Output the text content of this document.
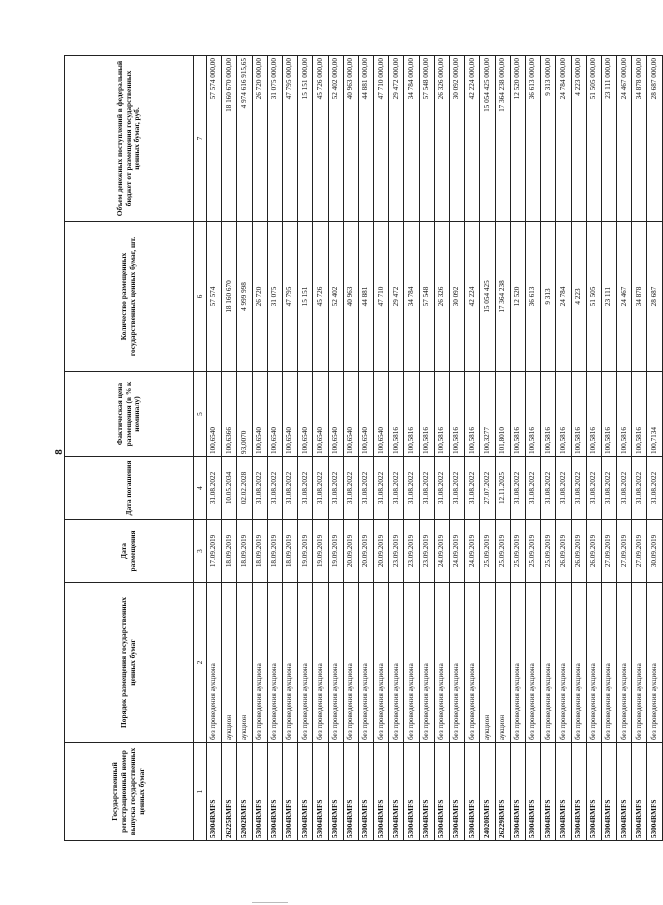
8
Государственный регистрационный номер выпуска государственных ценных бумаг	Порядок размещения государственных ценных бумаг	Дата размещения	Дата погашения	Фактическая цена размещения (в % к номиналу)	Количество размещенных государственных ценных бумаг, шт.	Объем денежных поступлений в федеральный бюджет от размещения государственных ценных бумаг, руб.
1	2	3	4	5	6	7
53004RMFS	без проведения аукциона	17.09.2019	31.08.2022	100,6540	57 574	57 574 000,00
26225RMFS	аукцион	18.09.2019	10.05.2034	100,6366	18 160 670	18 160 670 000,00
52002RMFS	аукцион	18.09.2019	02.02.2028	93,0070	4 999 998	4 974 616 915,65
53004RMFS	без проведения аукциона	18.09.2019	31.08.2022	100,6540	26 720	26 720 000,00
53004RMFS	без проведения аукциона	18.09.2019	31.08.2022	100,6540	31 075	31 075 000,00
53004RMFS	без проведения аукциона	18.09.2019	31.08.2022	100,6540	47 795	47 795 000,00
53004RMFS	без проведения аукциона	19.09.2019	31.08.2022	100,6540	15 151	15 151 000,00
53004RMFS	без проведения аукциона	19.09.2019	31.08.2022	100,6540	45 726	45 726 000,00
53004RMFS	без проведения аукциона	19.09.2019	31.08.2022	100,6540	52 402	52 402 000,00
53004RMFS	без проведения аукциона	20.09.2019	31.08.2022	100,6540	40 963	40 963 000,00
53004RMFS	без проведения аукциона	20.09.2019	31.08.2022	100,6540	44 881	44 881 000,00
53004RMFS	без проведения аукциона	20.09.2019	31.08.2022	100,6540	47 710	47 710 000,00
53004RMFS	без проведения аукциона	23.09.2019	31.08.2022	100,5816	29 472	29 472 000,00
53004RMFS	без проведения аукциона	23.09.2019	31.08.2022	100,5816	34 784	34 784 000,00
53004RMFS	без проведения аукциона	23.09.2019	31.08.2022	100,5816	57 548	57 548 000,00
53004RMFS	без проведения аукциона	24.09.2019	31.08.2022	100,5816	26 326	26 326 000,00
53004RMFS	без проведения аукциона	24.09.2019	31.08.2022	100,5816	30 092	30 092 000,00
53004RMFS	без проведения аукциона	24.09.2019	31.08.2022	100,5816	42 224	42 224 000,00
24020RMFS	аукцион	25.09.2019	27.07.2022	100,3277	15 054 425	15 054 425 000,00
26229RMFS	аукцион	25.09.2019	12.11.2025	101,8010	17 364 238	17 364 238 000,00
53004RMFS	без проведения аукциона	25.09.2019	31.08.2022	100,5816	12 520	12 520 000,00
53004RMFS	без проведения аукциона	25.09.2019	31.08.2022	100,5816	36 613	36 613 000,00
53004RMFS	без проведения аукциона	25.09.2019	31.08.2022	100,5816	9 313	9 313 000,00
53004RMFS	без проведения аукциона	26.09.2019	31.08.2022	100,5816	24 784	24 784 000,00
53004RMFS	без проведения аукциона	26.09.2019	31.08.2022	100,5816	4 223	4 223 000,00
53004RMFS	без проведения аукциона	26.09.2019	31.08.2022	100,5816	51 505	51 505 000,00
53004RMFS	без проведения аукциона	27.09.2019	31.08.2022	100,5816	23 111	23 111 000,00
53004RMFS	без проведения аукциона	27.09.2019	31.08.2022	100,5816	24 467	24 467 000,00
53004RMFS	без проведения аукциона	27.09.2019	31.08.2022	100,5816	34 878	34 878 000,00
53004RMFS	без проведения аукциона	30.09.2019	31.08.2022	100,7134	28 687	28 687 000,00
